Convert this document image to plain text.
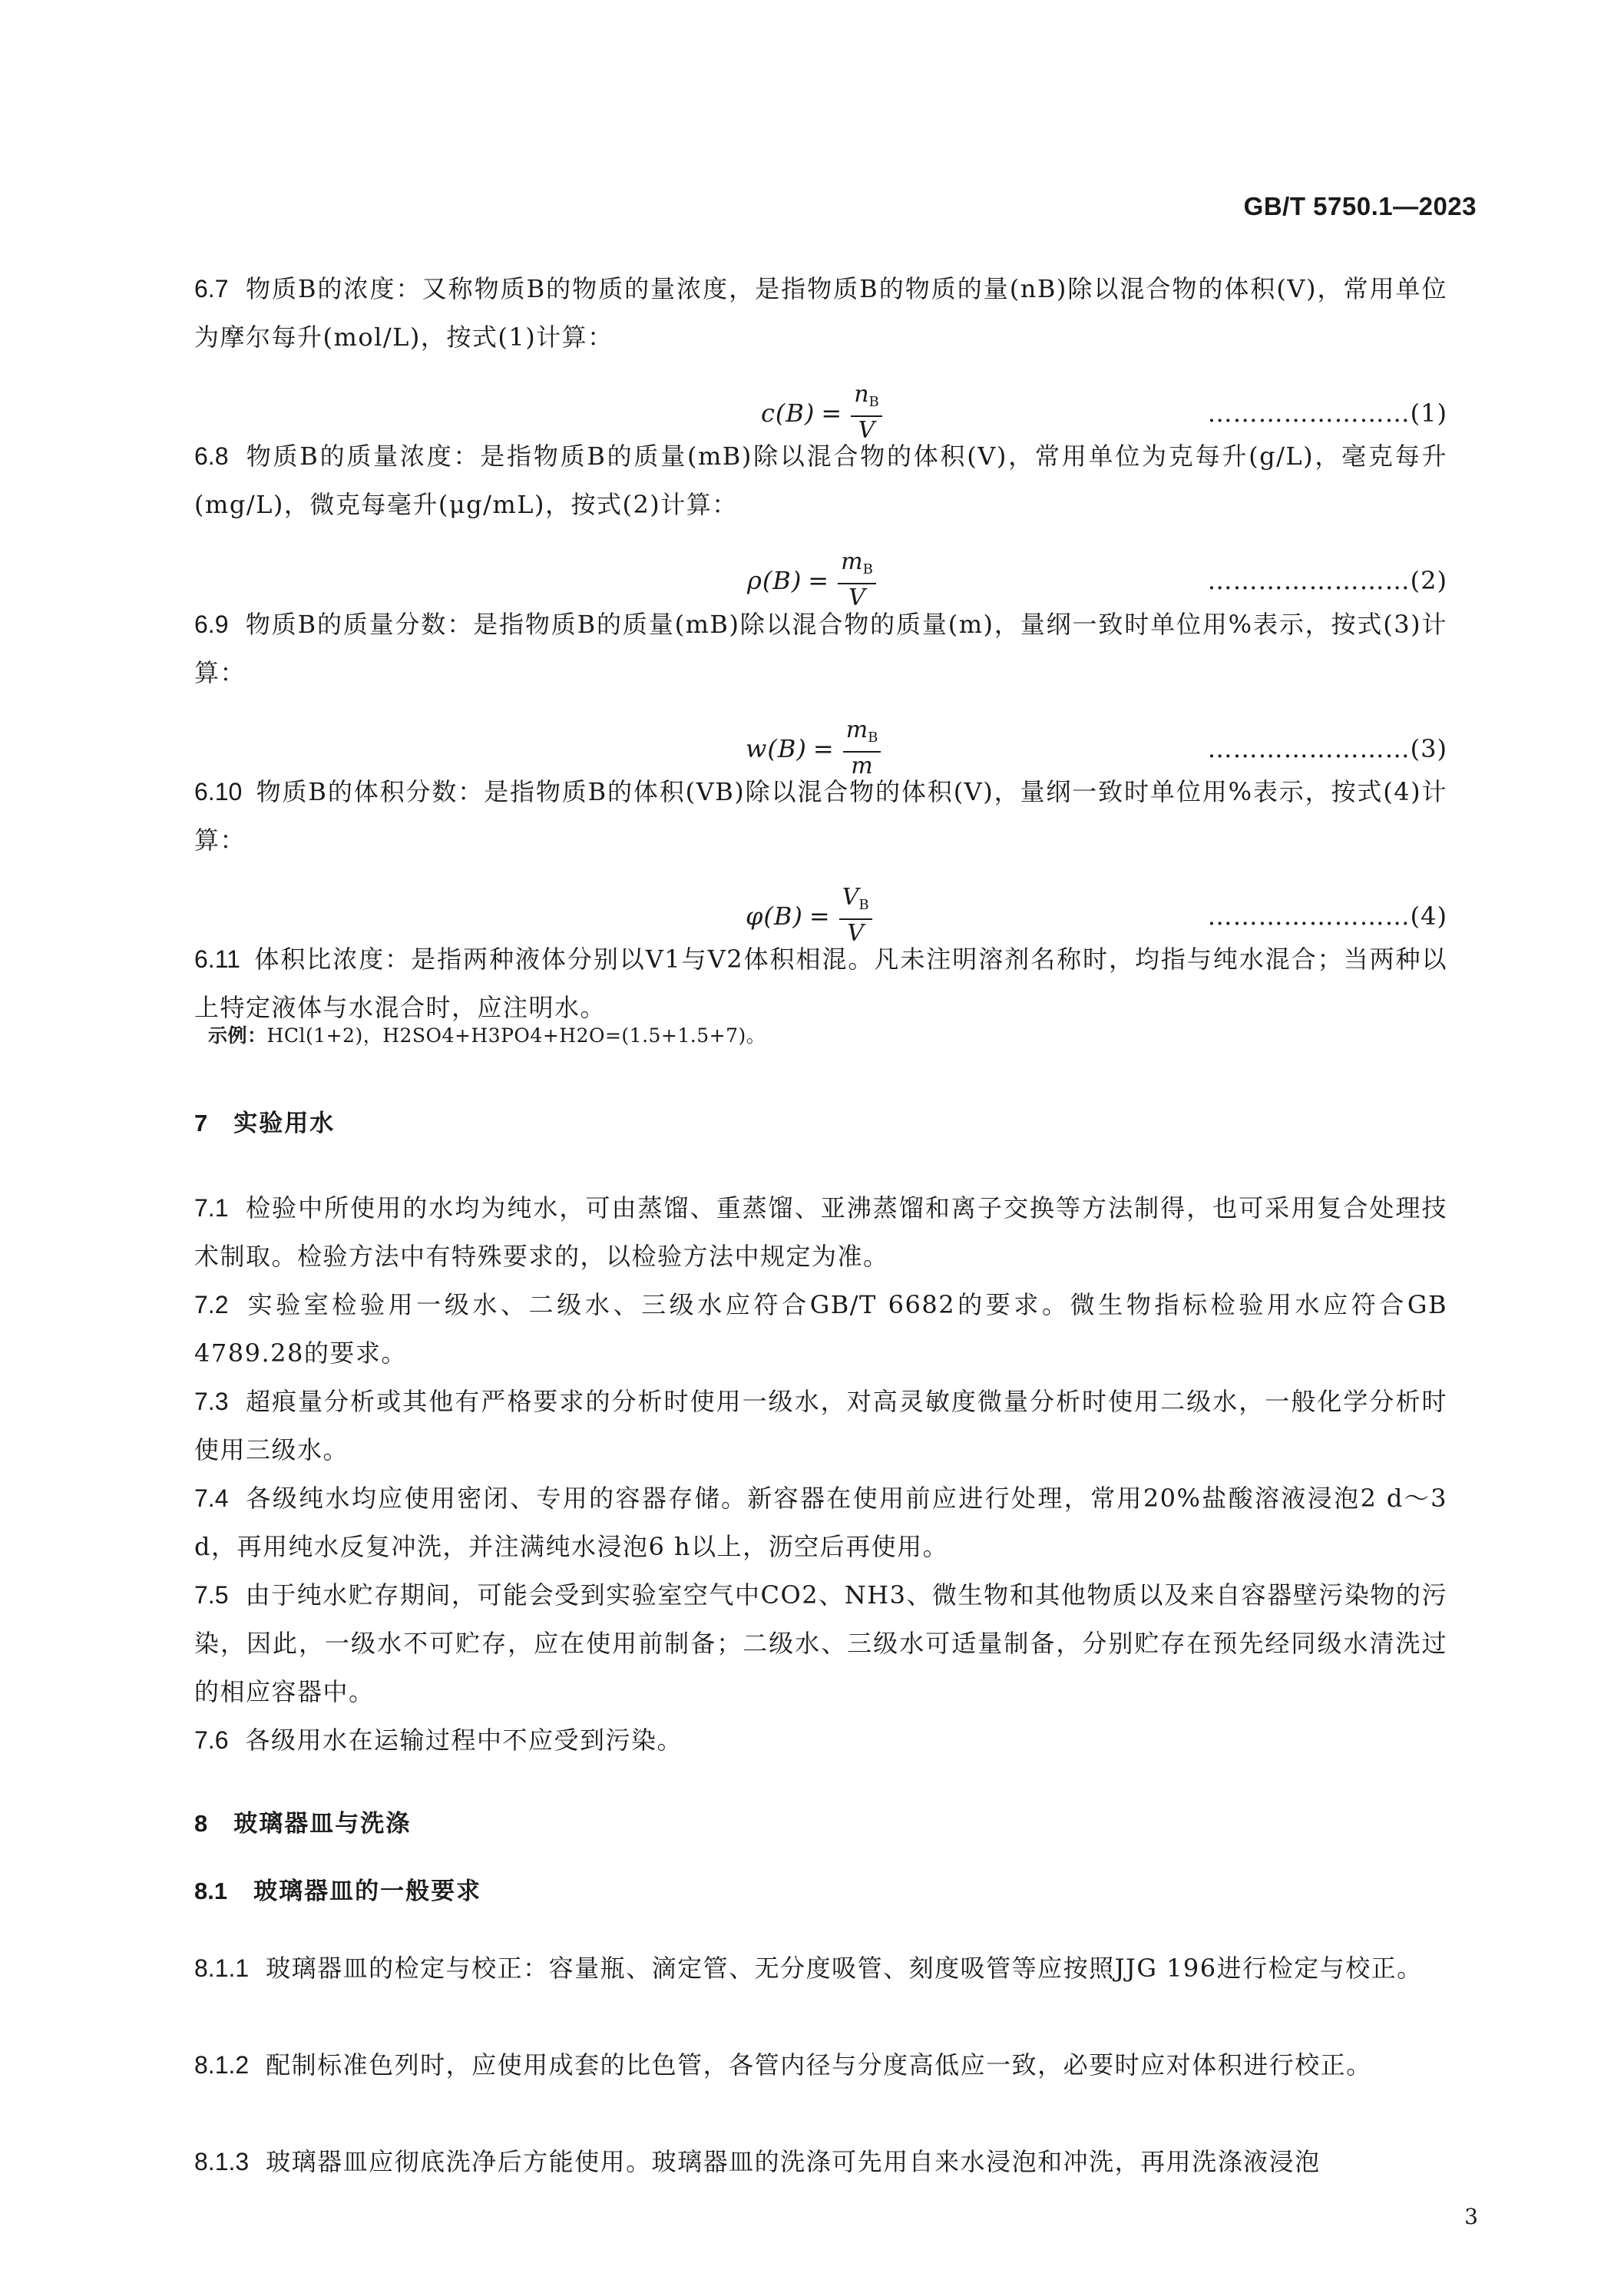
GB/T 5750.1—2023
6.7 物质B的浓度：又称物质B的物质的量浓度，是指物质B的物质的量(nB)除以混合物的体积(V)，常用单位为摩尔每升(mol/L)，按式(1)计算：
$c(B) = \frac{n_B}{V}$	…………………… (1)
6.8 物质B的质量浓度：是指物质B的质量(mB)除以混合物的体积(V)，常用单位为克每升(g/L)，毫克每升(mg/L)，微克每毫升(μg/mL)，按式(2)计算：
$\rho(B) = \frac{m_B}{V}$	…………………… (2)
6.9 物质B的质量分数：是指物质B的质量(mB)除以混合物的质量(m)，量纲一致时单位用%表示，按式(3)计算：
$w(B) = \frac{m_B}{m}$	…………………… (3)
6.10 物质B的体积分数：是指物质B的体积(VB)除以混合物的体积(V)，量纲一致时单位用%表示，按式(4)计算：
$\varphi(B) = \frac{V_B}{V}$	…………………… (4)
6.11 体积比浓度：是指两种液体分别以V1与V2体积相混。凡未注明溶剂名称时，均指与纯水混合；当两种以上特定液体与水混合时，应注明水。
示例：HCl(1+2)，H2SO4+H3PO4+H2O=(1.5+1.5+7)。
7 实验用水
7.1 检验中所使用的水均为纯水，可由蒸馏、重蒸馏、亚沸蒸馏和离子交换等方法制得，也可采用复合处理技术制取。检验方法中有特殊要求的，以检验方法中规定为准。
7.2 实验室检验用一级水、二级水、三级水应符合GB/T 6682的要求。微生物指标检验用水应符合GB 4789.28的要求。
7.3 超痕量分析或其他有严格要求的分析时使用一级水，对高灵敏度微量分析时使用二级水，一般化学分析时使用三级水。
7.4 各级纯水均应使用密闭、专用的容器存储。新容器在使用前应进行处理，常用20%盐酸溶液浸泡2 d～3 d，再用纯水反复冲洗，并注满纯水浸泡6 h以上，沥空后再使用。
7.5 由于纯水贮存期间，可能会受到实验室空气中CO2、NH3、微生物和其他物质以及来自容器壁污染物的污染，因此，一级水不可贮存，应在使用前制备；二级水、三级水可适量制备，分别贮存在预先经同级水清洗过的相应容器中。
7.6 各级用水在运输过程中不应受到污染。
8 玻璃器皿与洗涤
8.1 玻璃器皿的一般要求
8.1.1 玻璃器皿的检定与校正：容量瓶、滴定管、无分度吸管、刻度吸管等应按照JJG 196进行检定与校正。
8.1.2 配制标准色列时，应使用成套的比色管，各管内径与分度高低应一致，必要时应对体积进行校正。
8.1.3 玻璃器皿应彻底洗净后方能使用。玻璃器皿的洗涤可先用自来水浸泡和冲洗，再用洗涤液浸泡
3
